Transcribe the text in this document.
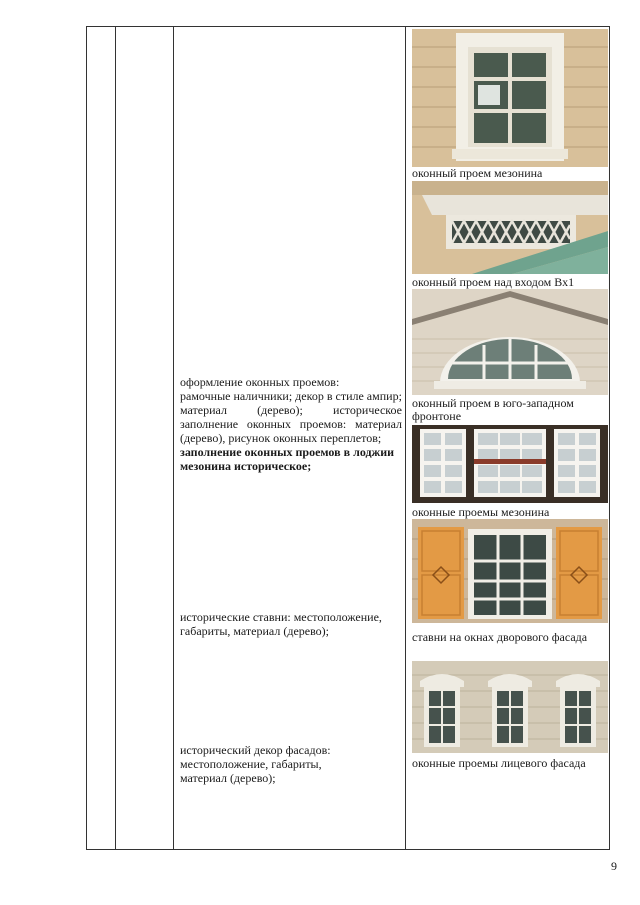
оконный проем мезонина
оконный проем над входом Вх1
оконный проем в юго-западном фронтоне
оконные проемы мезонина
ставни на окнах дворового фасада
оконные проемы лицевого фасада

оформление оконных проемов:

рамочные наличники; декор в стиле ампир;

материал (дерево); историческое заполнение оконных проемов: материал (дерево), рисунок оконных переплетов;

заполнение оконных проемов в лоджии мезонина историческое;

исторические ставни: местоположение, габариты, материал (дерево);

исторический декор фасадов: местоположение, габариты, материал (дерево);

9
